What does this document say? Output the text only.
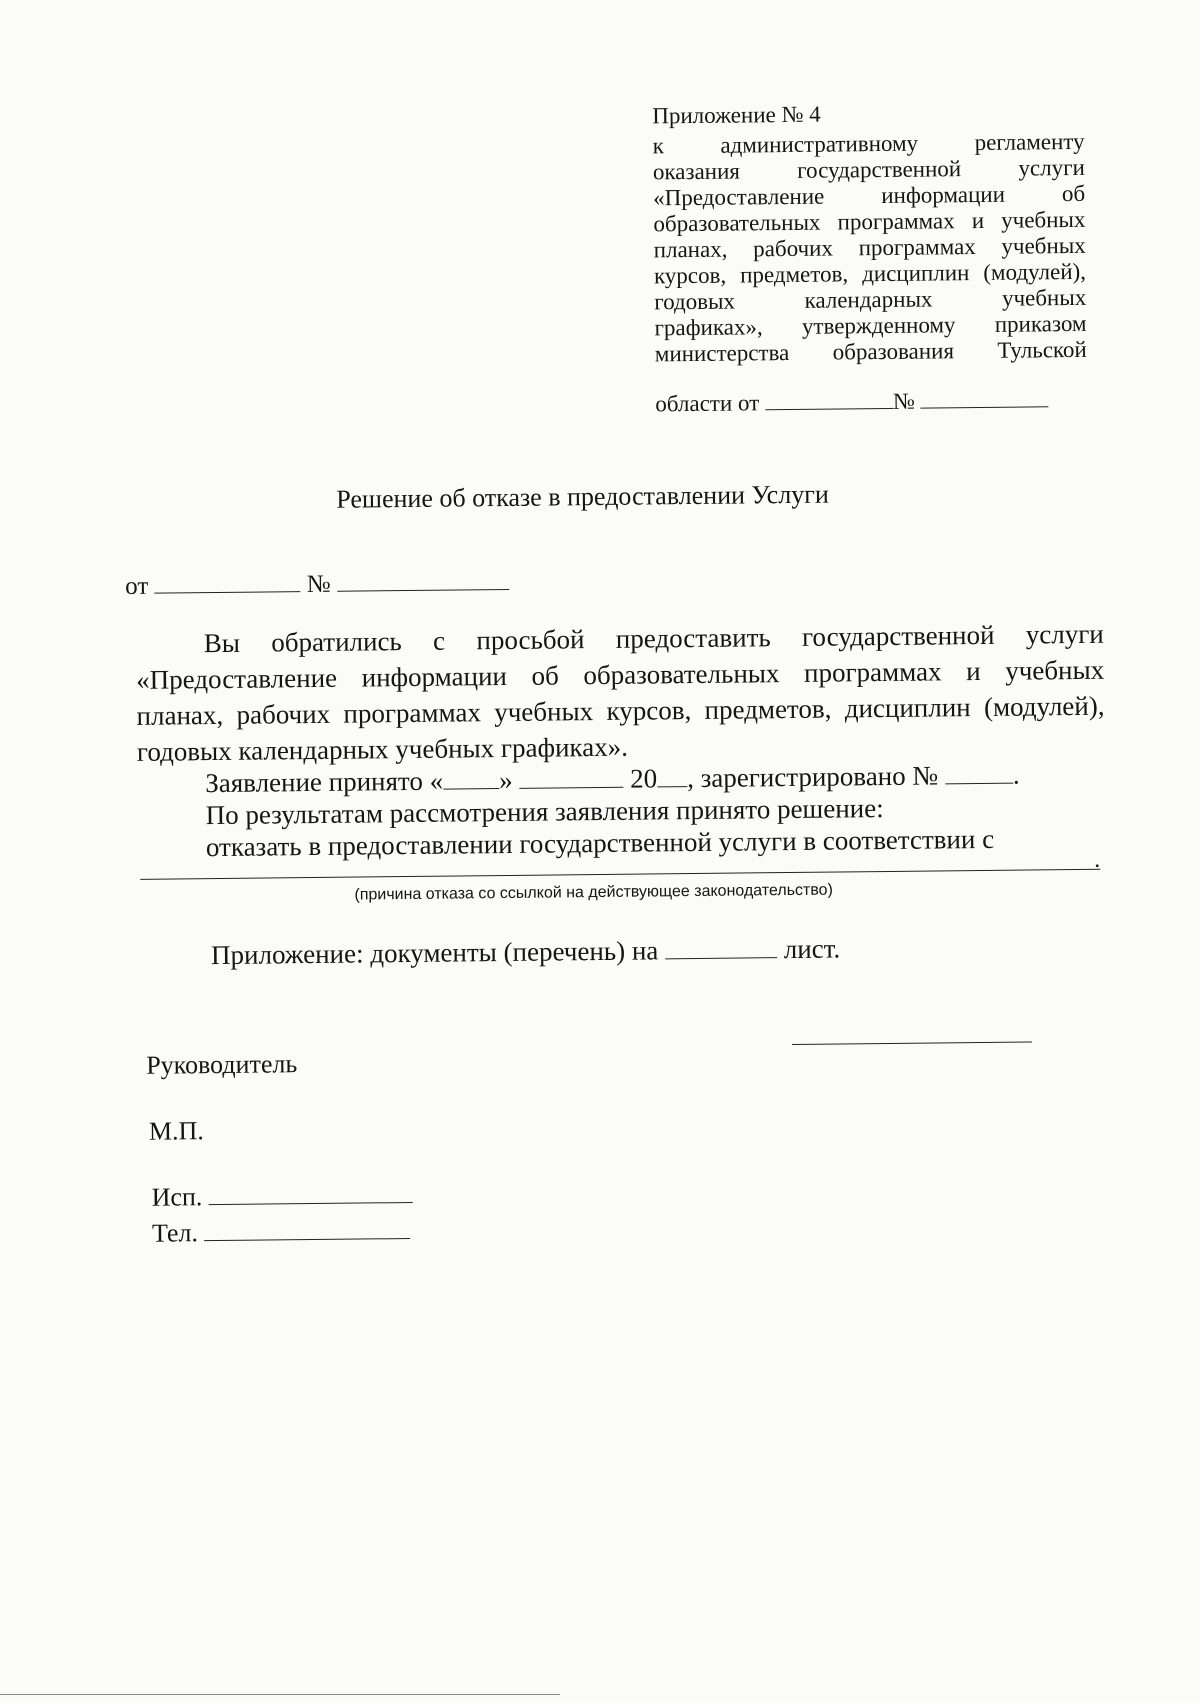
Приложение № 4
к административному регламенту
оказания государственной услуги
«Предоставление информации об
образовательных программах и учебных
планах, рабочих программах учебных
курсов, предметов, дисциплин (модулей),
годовых календарных учебных
графиках», утвержденному приказом
министерства образования Тульской
области от	№
Решение об отказе в предоставлении Услуги
от	№
Вы обратились с просьбой предоставить государственной услуги
«Предоставление информации об образовательных программах и учебных
планах, рабочих программах учебных курсов, предметов, дисциплин (модулей),
годовых календарных учебных графиках».
Заявление принято « »	20 , зарегистрировано №	.
По результатам рассмотрения заявления принято решение:
отказать в предоставлении государственной услуги в соответствии с	.
(причина отказа со ссылкой на действующее законодательство)
Приложение: документы (перечень) на	лист.
Руководитель
М.П.
Исп.
Тел.
